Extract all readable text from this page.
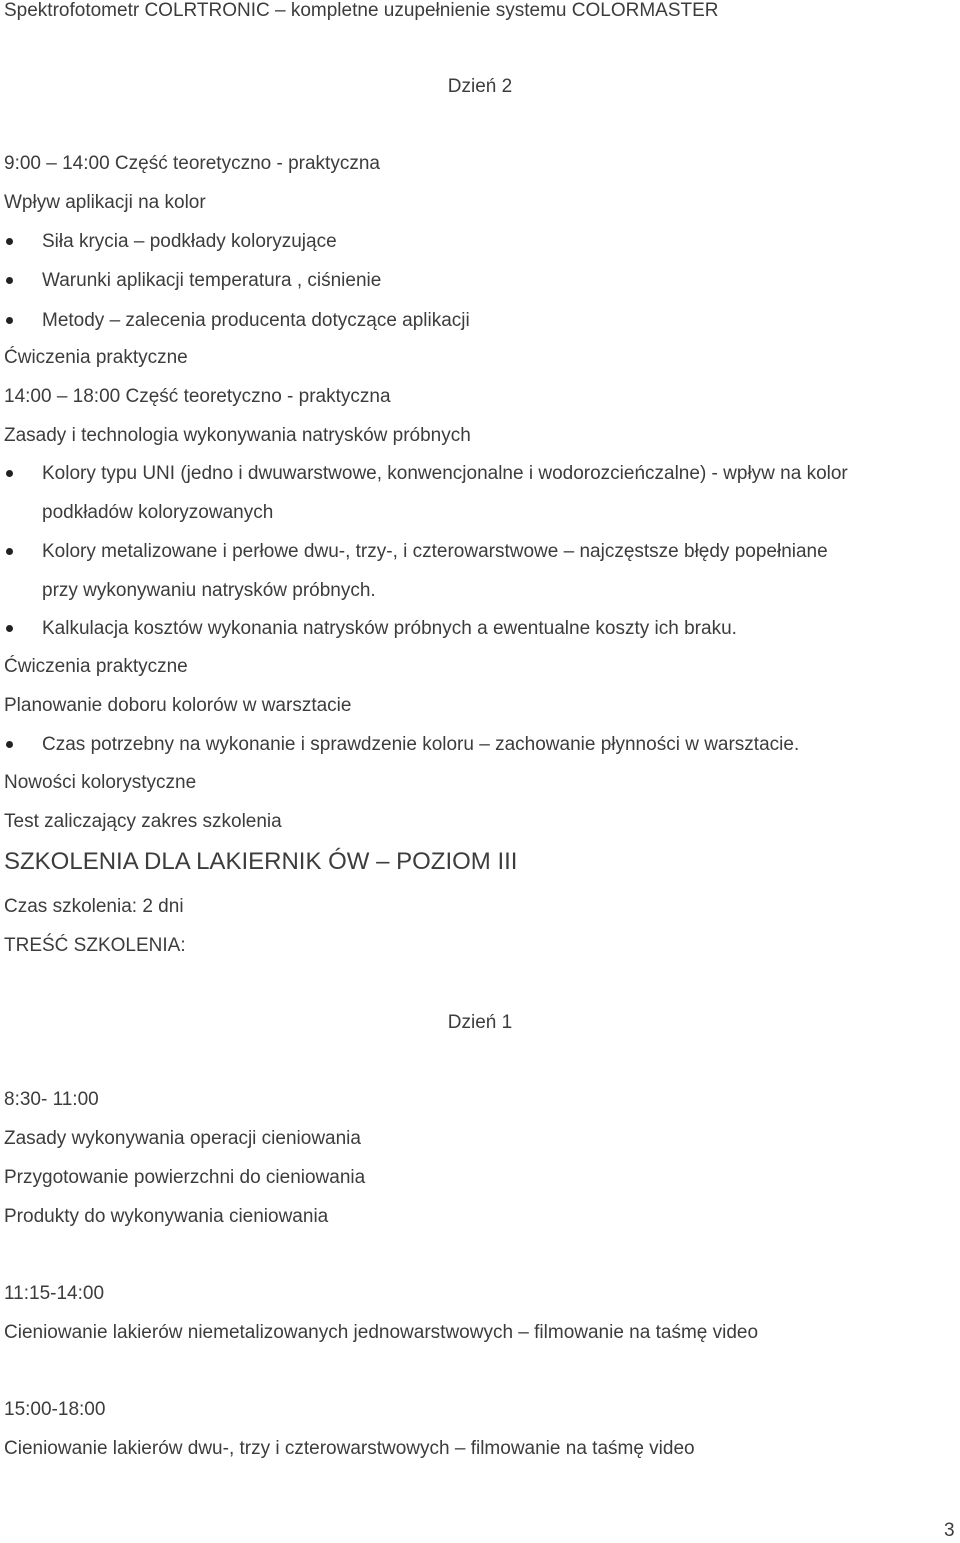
Spektrofotometr COLRTRONIC – kompletne uzupełnienie systemu COLORMASTER
Dzień 2
9:00 – 14:00 Część teoretyczno - praktyczna
Wpływ aplikacji na kolor
Siła krycia – podkłady koloryzujące
Warunki aplikacji temperatura , ciśnienie
Metody – zalecenia producenta dotyczące aplikacji
Ćwiczenia praktyczne
14:00 – 18:00 Część teoretyczno - praktyczna
Zasady i technologia wykonywania natrysków próbnych
Kolory typu UNI (jedno i dwuwarstwowe, konwencjonalne i wodorozcieńczalne) - wpływ na kolor
podkładów koloryzowanych
Kolory metalizowane i perłowe dwu-, trzy-, i czterowarstwowe – najczęstsze błędy popełniane
przy wykonywaniu natrysków próbnych.
Kalkulacja kosztów wykonania natrysków próbnych a ewentualne koszty ich braku.
Ćwiczenia praktyczne
Planowanie doboru kolorów w warsztacie
Czas potrzebny na wykonanie i sprawdzenie koloru – zachowanie płynności w warsztacie.
Nowości kolorystyczne
Test zaliczający zakres szkolenia
SZKOLENIA DLA LAKIERNIK ÓW – POZIOM III
Czas szkolenia: 2 dni
TREŚĆ SZKOLENIA:
Dzień 1
8:30- 11:00
Zasady wykonywania operacji cieniowania
Przygotowanie powierzchni do cieniowania
Produkty do wykonywania cieniowania
11:15-14:00
Cieniowanie lakierów niemetalizowanych jednowarstwowych – filmowanie na taśmę video
15:00-18:00
Cieniowanie lakierów dwu-, trzy i czterowarstwowych – filmowanie na taśmę video
3
